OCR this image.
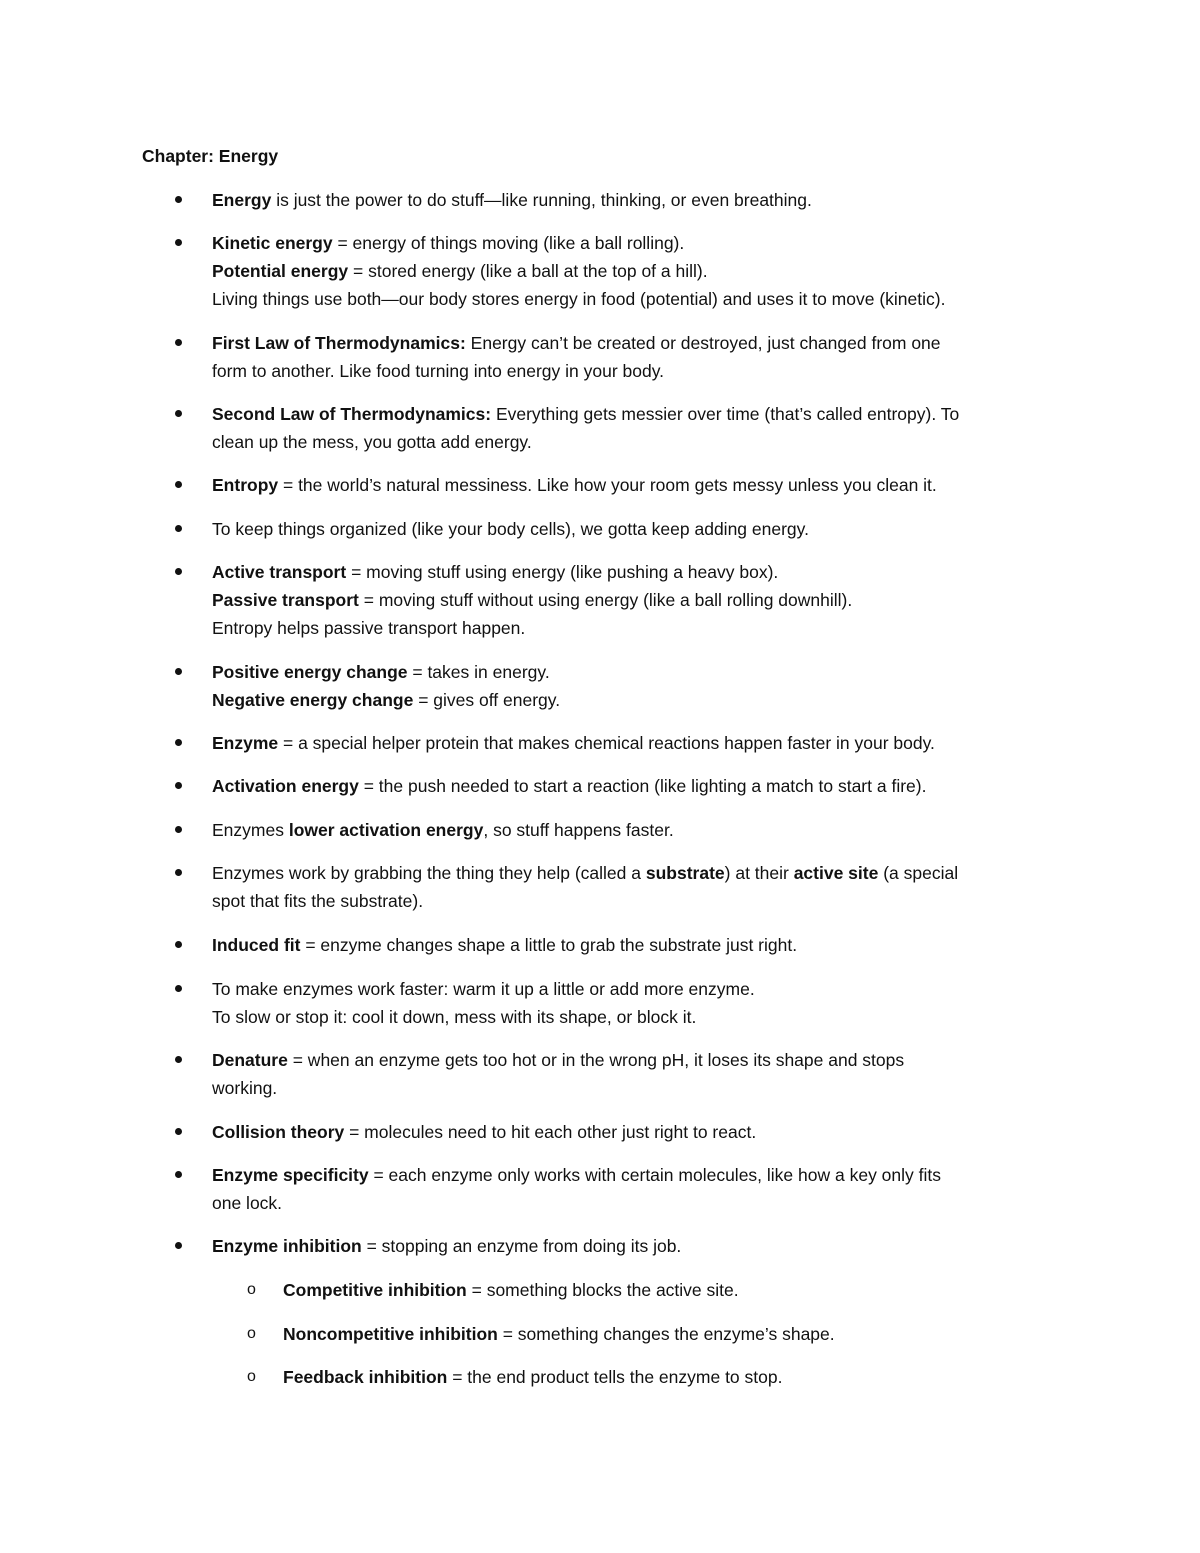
Chapter: Energy
Energy is just the power to do stuff—like running, thinking, or even breathing.
Kinetic energy = energy of things moving (like a ball rolling).
Potential energy = stored energy (like a ball at the top of a hill).
Living things use both—our body stores energy in food (potential) and uses it to move (kinetic).
First Law of Thermodynamics: Energy can’t be created or destroyed, just changed from one
form to another. Like food turning into energy in your body.
Second Law of Thermodynamics: Everything gets messier over time (that’s called entropy). To
clean up the mess, you gotta add energy.
Entropy = the world’s natural messiness. Like how your room gets messy unless you clean it.
To keep things organized (like your body cells), we gotta keep adding energy.
Active transport = moving stuff using energy (like pushing a heavy box).
Passive transport = moving stuff without using energy (like a ball rolling downhill).
Entropy helps passive transport happen.
Positive energy change = takes in energy.
Negative energy change = gives off energy.
Enzyme = a special helper protein that makes chemical reactions happen faster in your body.
Activation energy = the push needed to start a reaction (like lighting a match to start a fire).
Enzymes lower activation energy, so stuff happens faster.
Enzymes work by grabbing the thing they help (called a substrate) at their active site (a special
spot that fits the substrate).
Induced fit = enzyme changes shape a little to grab the substrate just right.
To make enzymes work faster: warm it up a little or add more enzyme.
To slow or stop it: cool it down, mess with its shape, or block it.
Denature = when an enzyme gets too hot or in the wrong pH, it loses its shape and stops
working.
Collision theory = molecules need to hit each other just right to react.
Enzyme specificity = each enzyme only works with certain molecules, like how a key only fits
one lock.
Enzyme inhibition = stopping an enzyme from doing its job.
o Competitive inhibition = something blocks the active site.
o Noncompetitive inhibition = something changes the enzyme’s shape.
o Feedback inhibition = the end product tells the enzyme to stop.
